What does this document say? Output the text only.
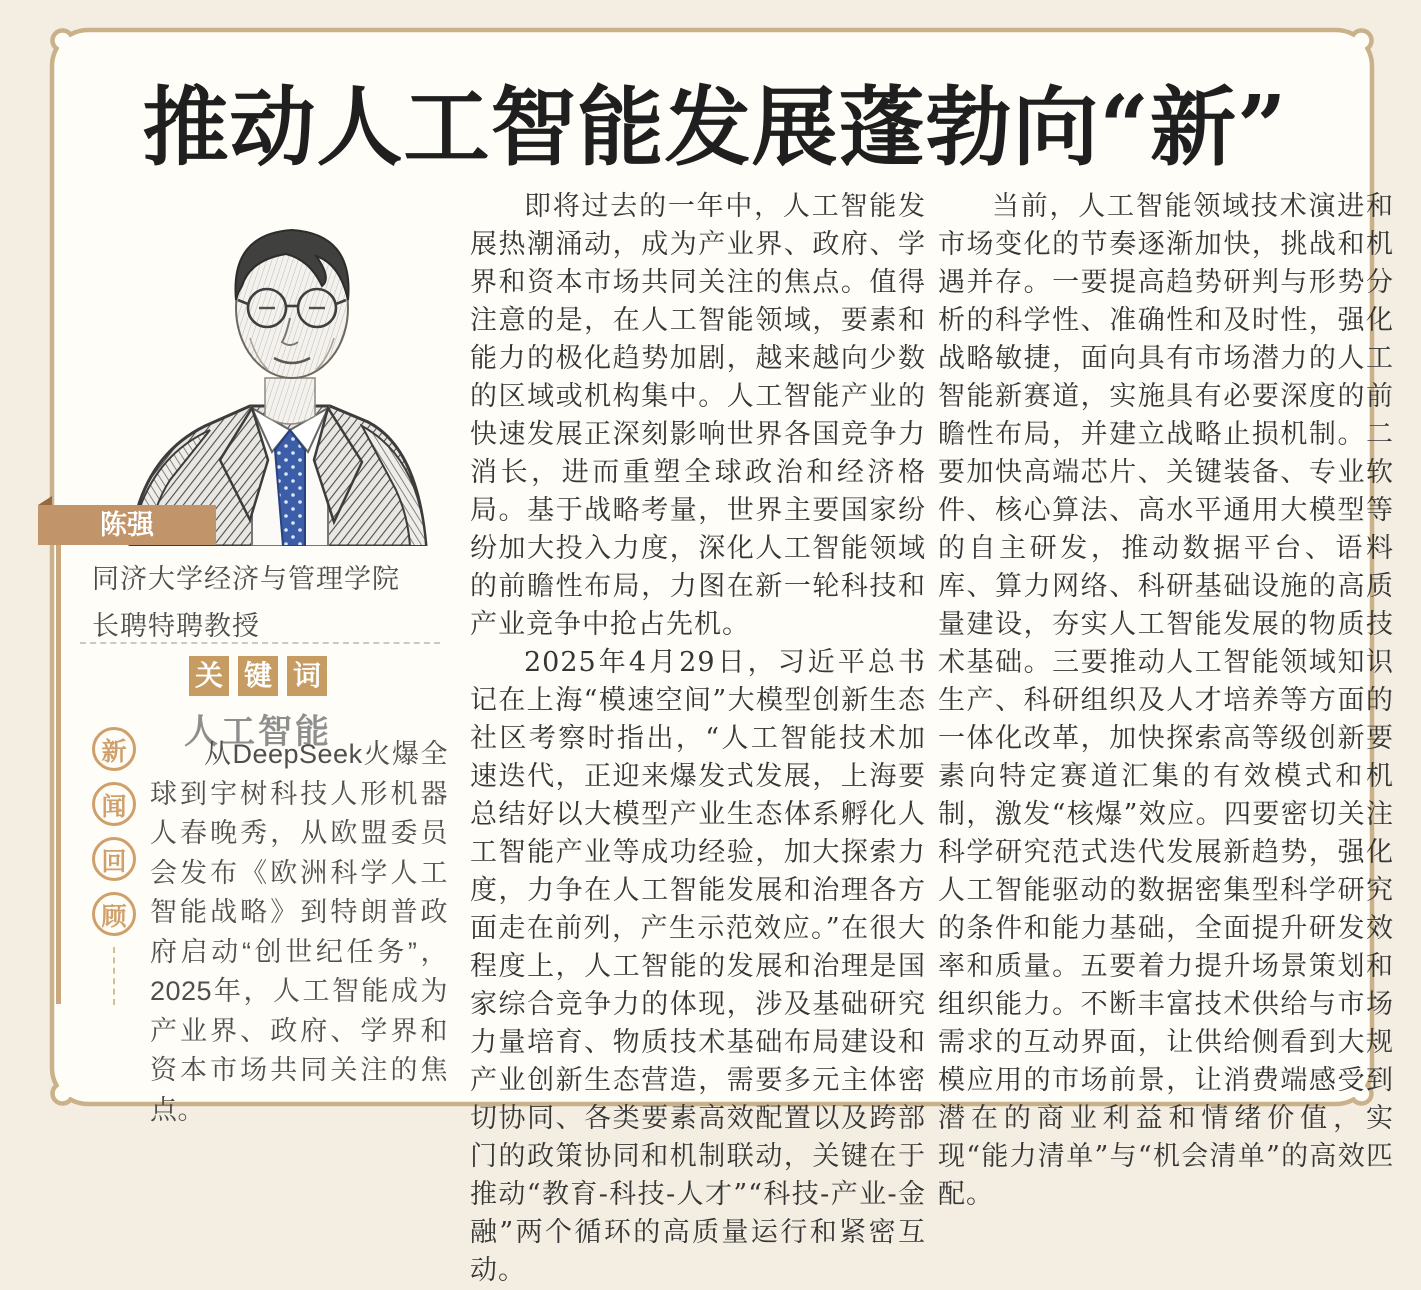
推动人工智能发展蓬勃向“新”
陈强
同济大学经济与管理学院长聘特聘教授
关 键 词
人工智能
新
闻
回
顾
从DeepSeek火爆全球到宇树科技人形机器人春晚秀，从欧盟委员会发布《欧洲科学人工智能战略》到特朗普政府启动“创世纪任务”，2025年，人工智能成为产业界、政府、学界和资本市场共同关注的焦点。

即将过去的一年中，人工智能发展热潮涌动，成为产业界、政府、学界和资本市场共同关注的焦点。值得注意的是，在人工智能领域，要素和能力的极化趋势加剧，越来越向少数的区域或机构集中。人工智能产业的快速发展正深刻影响世界各国竞争力消长，进而重塑全球政治和经济格局。基于战略考量，世界主要国家纷纷加大投入力度，深化人工智能领域的前瞻性布局，力图在新一轮科技和产业竞争中抢占先机。

2025年4月29日，习近平总书记在上海“模速空间”大模型创新生态社区考察时指出，“人工智能技术加速迭代，正迎来爆发式发展，上海要总结好以大模型产业生态体系孵化人工智能产业等成功经验，加大探索力度，力争在人工智能发展和治理各方面走在前列，产生示范效应。”在很大程度上，人工智能的发展和治理是国家综合竞争力的体现，涉及基础研究力量培育、物质技术基础布局建设和产业创新生态营造，需要多元主体密切协同、各类要素高效配置以及跨部门的政策协同和机制联动，关键在于推动“教育-科技-人才”“科技-产业-金融”两个循环的高质量运行和紧密互动。

当前，人工智能领域技术演进和市场变化的节奏逐渐加快，挑战和机遇并存。一要提高趋势研判与形势分析的科学性、准确性和及时性，强化战略敏捷，面向具有市场潜力的人工智能新赛道，实施具有必要深度的前瞻性布局，并建立战略止损机制。二要加快高端芯片、关键装备、专业软件、核心算法、高水平通用大模型等的自主研发，推动数据平台、语料库、算力网络、科研基础设施的高质量建设，夯实人工智能发展的物质技术基础。三要推动人工智能领域知识生产、科研组织及人才培养等方面的一体化改革，加快探索高等级创新要素向特定赛道汇集的有效模式和机制，激发“核爆”效应。四要密切关注科学研究范式迭代发展新趋势，强化人工智能驱动的数据密集型科学研究的条件和能力基础，全面提升研发效率和质量。五要着力提升场景策划和组织能力。不断丰富技术供给与市场需求的互动界面，让供给侧看到大规模应用的市场前景，让消费端感受到潜在的商业利益和情绪价值，实现“能力清单”与“机会清单”的高效匹配。
